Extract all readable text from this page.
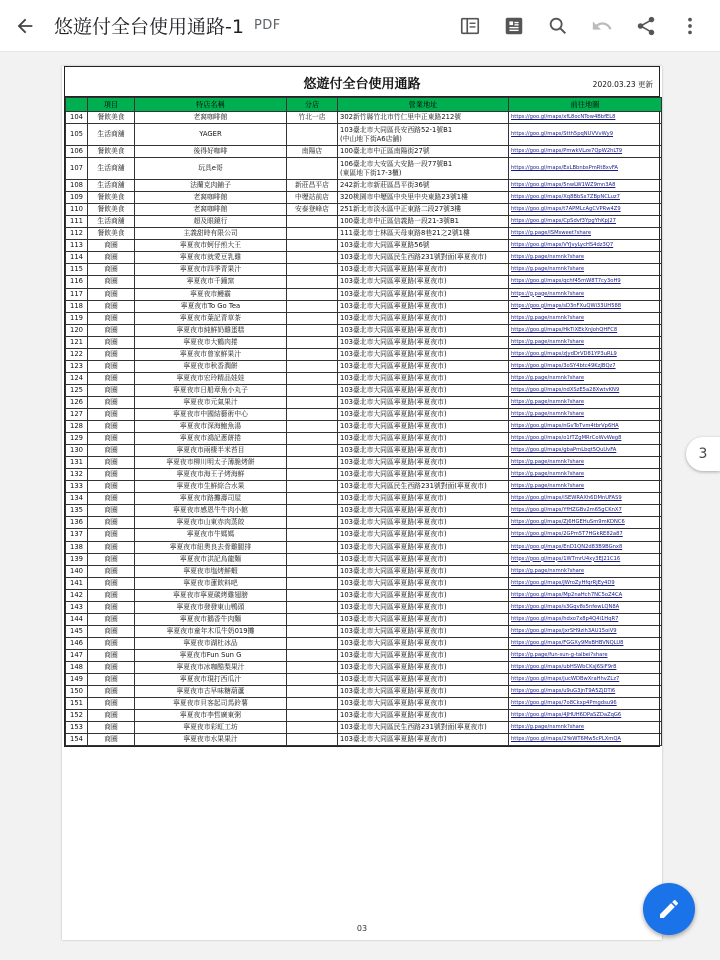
悠遊付全台使用通路-1 PDF
悠遊付全台使用通路	2020.03.23 更新
	項目	特店名稱	分店	營業地址	前往地圖
104	餐飲美食	老窩咖啡館	竹北一店	302新竹縣竹北市竹仁里中正東路212號	https://goo.gl/maps/xfL8ocNTow4BbfEL8
105	生活商舖	YAGER		103臺北市大同區長安西路52-1號B1
(中山地下街A6店舖)	https://goo.gl/maps/Stth5pqNUVVvWy9
106	餐飲美食	後得好咖啡	南陽店	100臺北市中正區南陽街27號	https://goo.gl/maps/PmwkVLze7QpW2hLT9
107	生活商舖	玩具e哥		106臺北市大安區大安路一段77號B1
(東區地下街17-3櫃)	https://goo.gl/maps/ExLBbnbsPmRt8xvFA
108	生活商舖	法蘭克肉鋪子	新莊昌平店	242新北市新莊區昌平街36號	https://goo.gl/maps/5nwLW1WZ9mn3A8
109	餐飲美食	老窩咖啡館	中壢站前店	320桃園市中壢區中央里中央東路23號1樓	https://goo.gl/maps/Xq8BbSx7ZBpNCLuz7
110	餐飲美食	老窩咖啡館	安泰登峰店	251新北市淡水區中正東路二段27號3樓	https://goo.gl/maps/t7APMLcAgCVPRw4Z9
111	生活商舖	超及眼鏡行		100臺北市中正區信義路一段21-3號B1	https://goo.gl/maps/CpSdvf3YpgYhKpJ27
112	餐飲美食	主義甜時有限公司		111臺北市士林區天母東路8巷21之2號1樓	https://g.page/ISMsweet?share
113	商圈	寧夏夜市蚵仔煎大王		103臺北市大同區寧夏路56號	https://goo.gl/maps/VYJvyLycHS4dz3Q7
114	商圈	寧夏夜市就愛豆乳雞		103臺北市大同區民生西路231號對面(寧夏夜市)	https://g.page/nxmnk?share
115	商圈	寧夏夜市四季青果汁		103臺北市大同區寧夏路(寧夏夜市)	https://g.page/nxmnk?share
116	商圈	寧夏夜市千鐘窯		103臺北市大同區寧夏路(寧夏夜市)	https://goo.gl/maps/qchf45mW8T7cy3oH9
117	商圈	寧夏夜市鰻霸		103臺北市大同區寧夏路(寧夏夜市)	https://g.page/nxmnk?share
118	商圈	寧夏夜市To Go Tea		103臺北市大同區寧夏路(寧夏夜市)	https://goo.gl/maps/sD3nFXuQWi33UH588
119	商圈	寧夏夜市葉記青草茶		103臺北市大同區寧夏路(寧夏夜市)	https://g.page/nxmnk?share
120	商圈	寧夏夜市純鮮奶雞蛋糕		103臺北市大同區寧夏路(寧夏夜市)	https://goo.gl/maps/HkTiXEkXnJohQHFC8
121	商圈	寧夏夜市大鶴肉捲		103臺北市大同區寧夏路(寧夏夜市)	https://g.page/nxmnk?share
122	商圈	寧夏夜市曾家鮮果汁		103臺北市大同區寧夏路(寧夏夜市)	https://goo.gl/maps/zJydDrVD81YP3uRL9
123	商圈	寧夏夜市秋香潤餅		103臺北市大同區寧夏路(寧夏夜市)	https://goo.gl/maps/3oSY4btc49KzJBQz7
124	商圈	寧夏夜市宏玲精品娃娃		103臺北市大同區寧夏路(寧夏夜市)	https://g.page/nxmnk?share
125	商圈	寧夏夜市日船章魚小丸子		103臺北市大同區寧夏路(寧夏夜市)	https://goo.gl/maps/ndXSzE5a28XwtvKN9
126	商圈	寧夏夜市元氣果汁		103臺北市大同區寧夏路(寧夏夜市)	https://g.page/nxmnk?share
127	商圈	寧夏夜市中國結藝術中心		103臺北市大同區寧夏路(寧夏夜市)	https://g.page/nxmnk?share
128	商圈	寧夏夜市深海鮑魚湯		103臺北市大同區寧夏路(寧夏夜市)	https://goo.gl/maps/nGvToTvm4tbrVp6HA
129	商圈	寧夏夜市鴻記蔥餅捲		103臺北市大同區寧夏路(寧夏夜市)	https://goo.gl/maps/o1fTZgMRrCoWvWeg8
130	商圈	寧夏夜市兩棲半米苔目		103臺北市大同區寧夏路(寧夏夜市)	https://goo.gl/maps/gbaPmLbqt5QuUvFA
131	商圈	寧夏夜市柳川明太子薄脆烤餅		103臺北市大同區寧夏路(寧夏夜市)	https://g.page/nxmnk?share
132	商圈	寧夏夜市海王子烤海鮮		103臺北市大同區寧夏路(寧夏夜市)	https://g.page/nxmnk?share
133	商圈	寧夏夜市生鮮綜合水果		103臺北市大同區民生西路231號對面(寧夏夜市)	https://g.page/nxmnk?share
134	商圈	寧夏夜市路攤壽司屋		103臺北市大同區寧夏路(寧夏夜市)	https://goo.gl/maps/iSEWRAXh6DMnUFAS9
135	商圈	寧夏夜市感恩牛牛肉小館		103臺北市大同區寧夏路(寧夏夜市)	https://goo.gl/maps/YfHZGBv2m65gCKnX7
136	商圈	寧夏夜市山東赤肉蒸餃		103臺北市大同區寧夏路(寧夏夜市)	https://goo.gl/maps/Zj6HGEHuSm9mKDNC6
137	商圈	寧夏夜市牛媽媽		103臺北市大同區寧夏路(寧夏夜市)	https://goo.gl/maps/2GPm5T7HGkRE82a87
138	商圈	寧夏夜市紐奧良去骨雞腿排		103臺北市大同區寧夏路(寧夏夜市)	https://goo.gl/maps/EnD1QN2d83B9BGnx8
139	商圈	寧夏夜市洪記烏龍麵		103臺北市大同區寧夏路(寧夏夜市)	https://goo.gl/maps/1WTmrU4xy3EJ21C16
140	商圈	寧夏夜市塩烤鮮蝦		103臺北市大同區寧夏路(寧夏夜市)	https://g.page/nxmnk?share
141	商圈	寧夏夜市蓮飲料吧		103臺北市大同區寧夏路(寧夏夜市)	https://goo.gl/maps/JWroZyHfqrRjEy4D9
142	商圈	寧夏夜市寧夏碳烤雞翅膀		103臺北市大同區寧夏路(寧夏夜市)	https://goo.gl/maps/Mp2naHch7NC5oZ4CA
143	商圈	寧夏夜市發發東山鴨頭		103臺北市大同區寧夏路(寧夏夜市)	https://goo.gl/maps/s3Gqv8s5nfewLQN8A
144	商圈	寧夏夜市鵝香牛肉麵		103臺北市大同區寧夏路(寧夏夜市)	https://goo.gl/maps/hdxo7x8p4Q4i1HqR7
145	商圈	寧夏夜市童年木瓜牛奶019攤		103臺北市大同區寧夏路(寧夏夜市)	https://goo.gl/maps/jxrSH9zih3AU15oiV9
146	商圈	寧夏夜市湖杜冰品		103臺北市大同區寧夏路(寧夏夜市)	https://goo.gl/maps/FGGXy9MsBHBVNQLU8
147	商圈	寧夏夜市Fun Sun G		103臺北市大同區寧夏路(寧夏夜市)	https://g.page/fun-sun-g-taibei?share
148	商圈	寧夏夜市冰咖酷梨果汁		103臺北市大同區寧夏路(寧夏夜市)	https://goo.gl/maps/ubHSWbCKsJ6SiF9r8
149	商圈	寧夏夜市現打西瓜汁		103臺北市大同區寧夏路(寧夏夜市)	https://goo.gl/maps/jucWDBwXraHhvZLz7
150	商圈	寧夏夜市古早味糖葫蘆		103臺北市大同區寧夏路(寧夏夜市)	https://goo.gl/maps/u9uG3jnT9A5ZjDTi6
151	商圈	寧夏夜市貝客起司馬鈴薯		103臺北市大同區寧夏路(寧夏夜市)	https://goo.gl/maps/7o8Ckxp4Pmgdsu96
152	商圈	寧夏夜市李哲廣東粥		103臺北市大同區寧夏路(寧夏夜市)	https://goo.gl/maps/4JHUH6DPaSZDaZqG6
153	商圈	寧夏夜市彩虹工坊		103臺北市大同區民生西路231號對面(寧夏夜市)	https://g.page/nxmnk?share
154	商圈	寧夏夜市水果果汁		103臺北市大同區寧夏路(寧夏夜市)	https://goo.gl/maps/2YeWT6Mw5cPLXmQA
03
3
